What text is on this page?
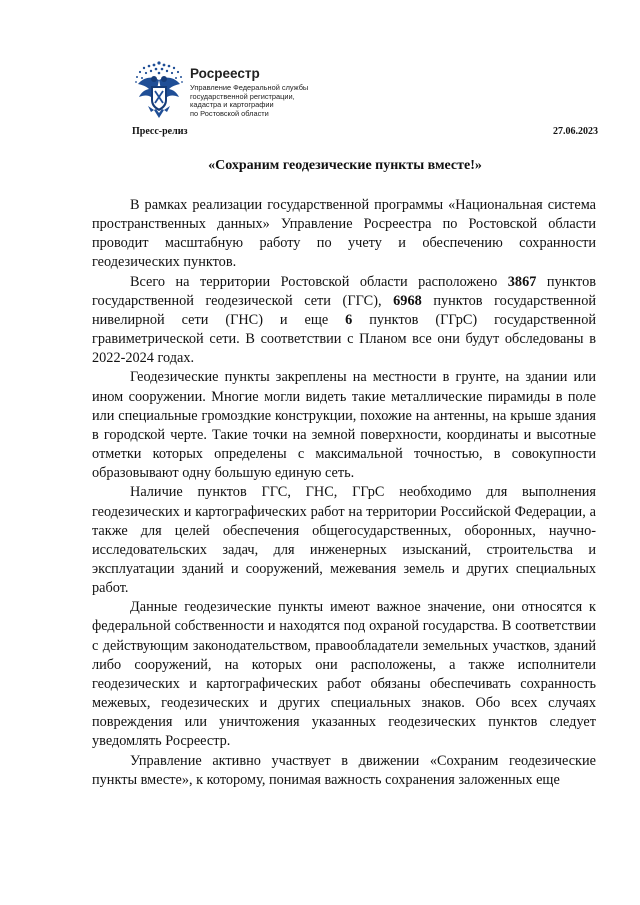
Росреестр
Управление Федеральной службы
государственной регистрации,
кадастра и картографии
по Ростовской области
Пресс-релиз	27.06.2023
«Сохраним геодезические пункты вместе!»

В рамках реализации государственной программы «Национальная система пространственных данных» Управление Росреестра по Ростовской области проводит масштабную работу по учету и обеспечению сохранности геодезических пунктов.

Всего на территории Ростовской области расположено 3867 пунктов государственной геодезической сети (ГГС), 6968 пунктов государственной нивелирной сети (ГНС) и еще 6 пунктов (ГГрС) государственной гравиметрической сети. В соответствии с Планом все они будут обследованы в 2022-2024 годах.

Геодезические пункты закреплены на местности в грунте, на здании или ином сооружении. Многие могли видеть такие металлические пирамиды в поле или специальные громоздкие конструкции, похожие на антенны, на крыше здания в городской черте. Такие точки на земной поверхности, координаты и высотные отметки которых определены с максимальной точностью, в совокупности образовывают одну большую единую сеть.

Наличие пунктов ГГС, ГНС, ГГрС необходимо для выполнения геодезических и картографических работ на территории Российской Федерации, а также для целей обеспечения общегосударственных, оборонных, научно-исследовательских задач, для инженерных изысканий, строительства и эксплуатации зданий и сооружений, межевания земель и других специальных работ.

Данные геодезические пункты имеют важное значение, они относятся к федеральной собственности и находятся под охраной государства. В соответствии с действующим законодательством, правообладатели земельных участков, зданий либо сооружений, на которых они расположены, а также исполнители геодезических и картографических работ обязаны обеспечивать сохранность межевых, геодезических и других специальных знаков. Обо всех случаях повреждения или уничтожения указанных геодезических пунктов следует уведомлять Росреестр.

Управление активно участвует в движении «Сохраним геодезические пункты вместе», к которому, понимая важность сохранения заложенных еще
